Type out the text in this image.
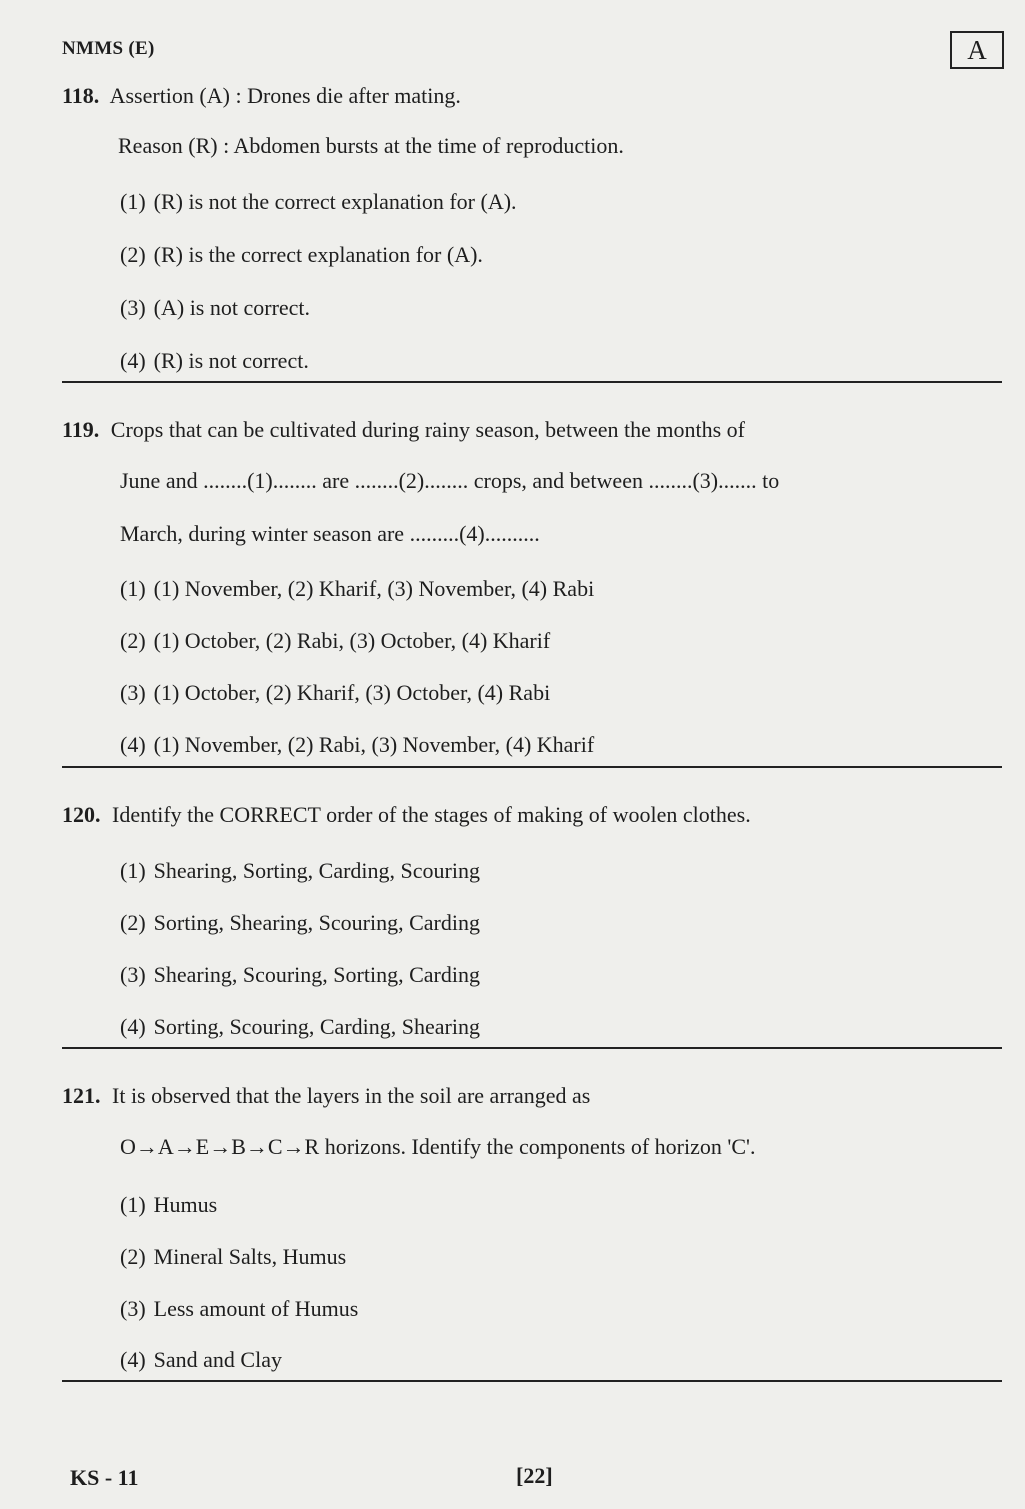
NMMS (E)	A
118. Assertion (A) : Drones die after mating.
Reason (R) : Abdomen bursts at the time of reproduction.
(1) (R) is not the correct explanation for (A).
(2) (R) is the correct explanation for (A).
(3) (A) is not correct.
(4) (R) is not correct.
119. Crops that can be cultivated during rainy season, between the months of
June and ........(1)........ are ........(2)........ crops, and between ........(3)....... to
March, during winter season are .........(4)..........
(1) (1) November, (2) Kharif, (3) November, (4) Rabi
(2) (1) October, (2) Rabi, (3) October, (4) Kharif
(3) (1) October, (2) Kharif, (3) October, (4) Rabi
(4) (1) November, (2) Rabi, (3) November, (4) Kharif
120. Identify the CORRECT order of the stages of making of woolen clothes.
(1) Shearing, Sorting, Carding, Scouring
(2) Sorting, Shearing, Scouring, Carding
(3) Shearing, Scouring, Sorting, Carding
(4) Sorting, Scouring, Carding, Shearing
121. It is observed that the layers in the soil are arranged as
O→A→E→B→C→R horizons. Identify the components of horizon 'C'.
(1) Humus
(2) Mineral Salts, Humus
(3) Less amount of Humus
(4) Sand and Clay
KS - 11	[22]
